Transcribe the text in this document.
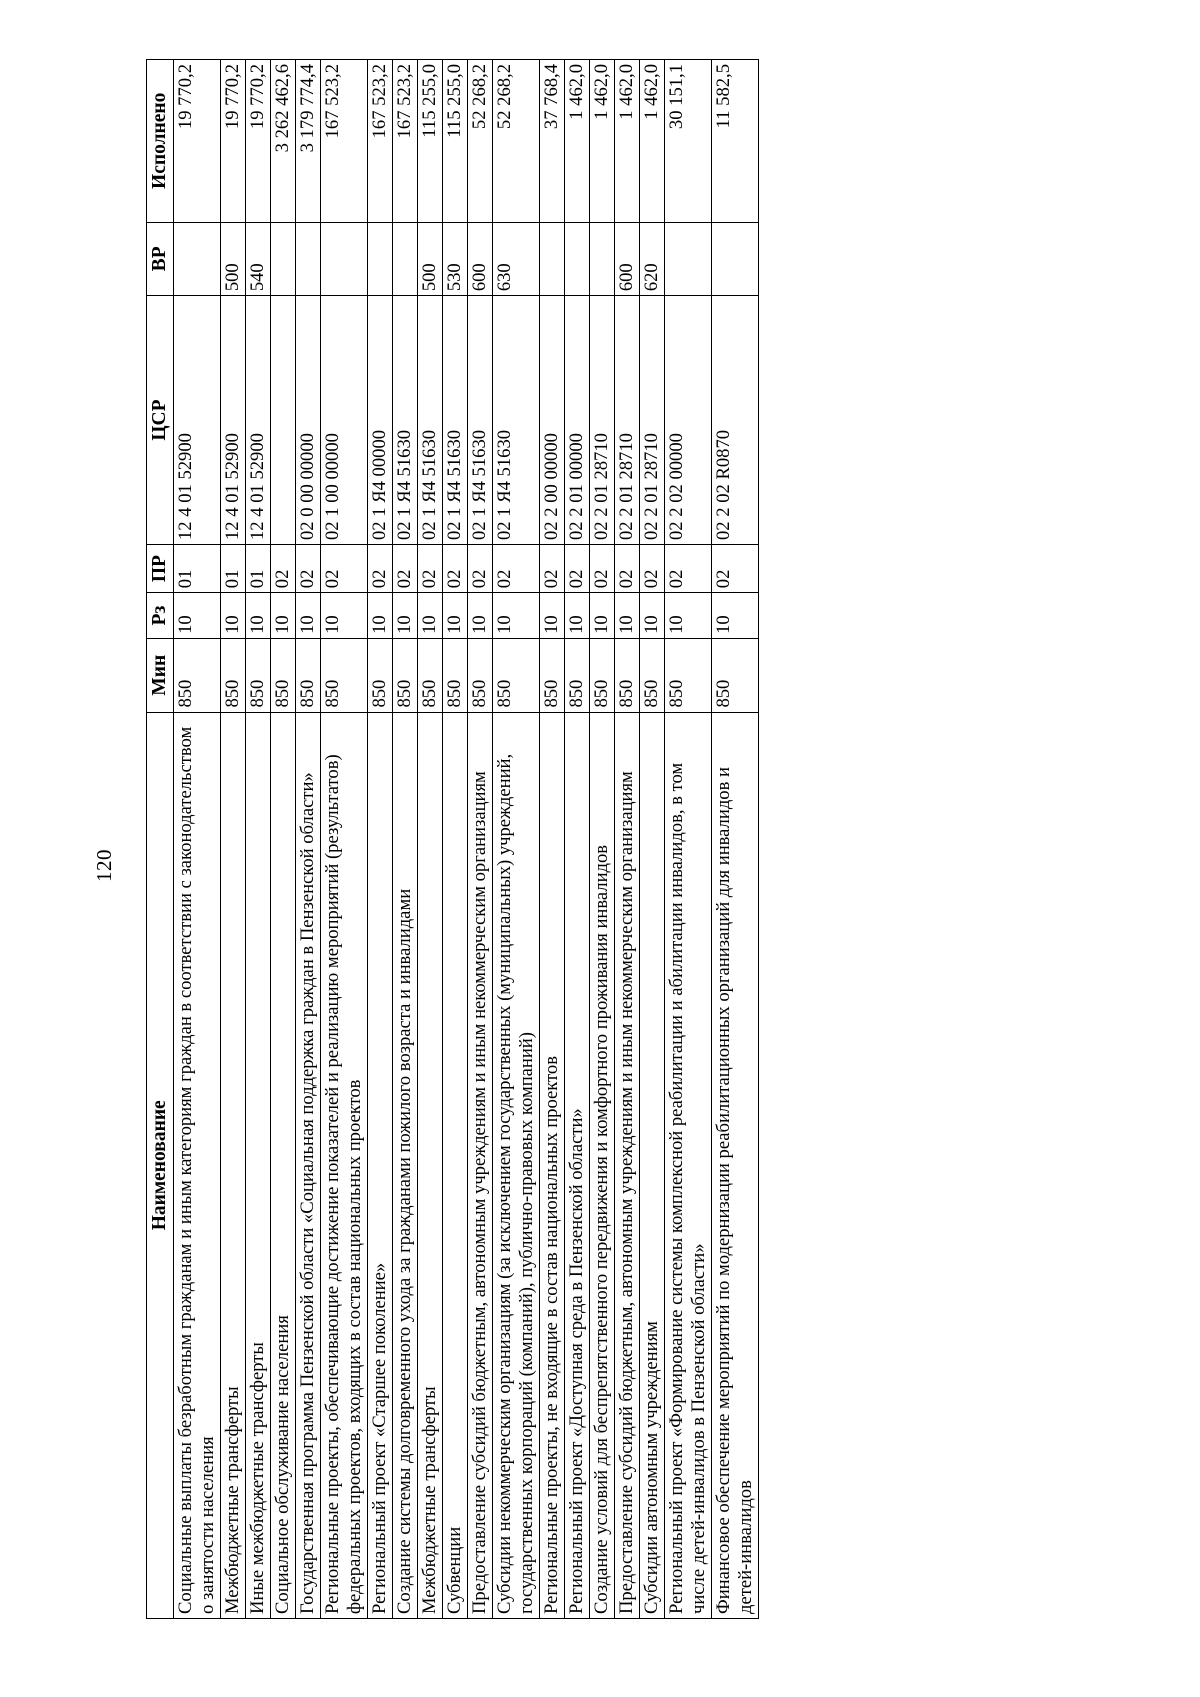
120
Наименование	Мин	Рз	ПР	ЦСР	ВР	Исполнено
Социальные выплаты безработным гражданам и иным категориям граждан в соответствии с законодательством о занятости населения	850	10	01	12 4 01 52900		19 770,2
Межбюджетные трансферты	850	10	01	12 4 01 52900	500	19 770,2
Иные межбюджетные трансферты	850	10	01	12 4 01 52900	540	19 770,2
Социальное обслуживание населения	850	10	02			3 262 462,6
Государственная программа Пензенской области «Социальная поддержка граждан в Пензенской области»	850	10	02	02 0 00 00000		3 179 774,4
Региональные проекты, обеспечивающие достижение показателей и реализацию мероприятий (результатов) федеральных проектов, входящих в состав национальных проектов	850	10	02	02 1 00 00000		167 523,2
Региональный проект «Старшее поколение»	850	10	02	02 1 Я4 00000		167 523,2
Создание системы долговременного ухода за гражданами пожилого возраста и инвалидами	850	10	02	02 1 Я4 51630		167 523,2
Межбюджетные трансферты	850	10	02	02 1 Я4 51630	500	115 255,0
Субвенции	850	10	02	02 1 Я4 51630	530	115 255,0
Предоставление субсидий бюджетным, автономным учреждениям и иным некоммерческим организациям	850	10	02	02 1 Я4 51630	600	52 268,2
Субсидии некоммерческим организациям (за исключением государственных (муниципальных) учреждений, государственных корпораций (компаний), публично-правовых компаний)	850	10	02	02 1 Я4 51630	630	52 268,2
Региональные проекты, не входящие в состав национальных проектов	850	10	02	02 2 00 00000		37 768,4
Региональный проект «Доступная среда в Пензенской области»	850	10	02	02 2 01 00000		1 462,0
Создание условий для беспрепятственного передвижения и комфортного проживания инвалидов	850	10	02	02 2 01 28710		1 462,0
Предоставление субсидий бюджетным, автономным учреждениям и иным некоммерческим организациям	850	10	02	02 2 01 28710	600	1 462,0
Субсидии автономным учреждениям	850	10	02	02 2 01 28710	620	1 462,0
Региональный проект «Формирование системы комплексной реабилитации и абилитации инвалидов, в том числе детей-инвалидов в Пензенской области»	850	10	02	02 2 02 00000		30 151,1
Финансовое обеспечение мероприятий по модернизации реабилитационных организаций для инвалидов и детей-инвалидов	850	10	02	02 2 02 R0870		11 582,5
